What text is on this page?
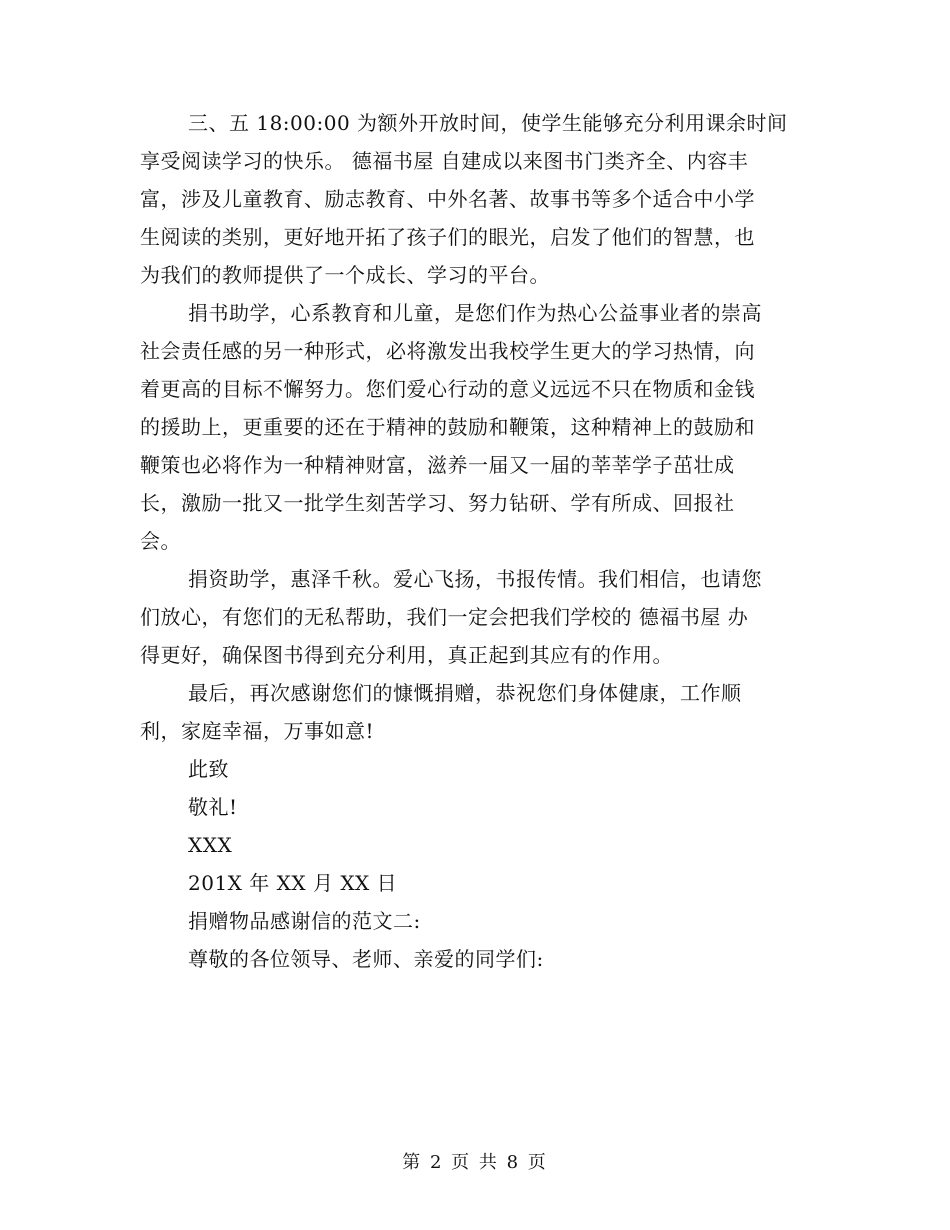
三、五 18:00:00 为额外开放时间，使学生能够充分利用课余时间
享受阅读学习的快乐。 德福书屋 自建成以来图书门类齐全、内容丰
富，涉及儿童教育、励志教育、中外名著、故事书等多个适合中小学
生阅读的类别，更好地开拓了孩子们的眼光，启发了他们的智慧，也
为我们的教师提供了一个成长、学习的平台。

捐书助学，心系教育和儿童，是您们作为热心公益事业者的崇高
社会责任感的另一种形式，必将激发出我校学生更大的学习热情，向
着更高的目标不懈努力。您们爱心行动的意义远远不只在物质和金钱
的援助上，更重要的还在于精神的鼓励和鞭策，这种精神上的鼓励和
鞭策也必将作为一种精神财富，滋养一届又一届的莘莘学子茁壮成
长，激励一批又一批学生刻苦学习、努力钻研、学有所成、回报社
会。

捐资助学，惠泽千秋。爱心飞扬，书报传情。我们相信，也请您
们放心，有您们的无私帮助，我们一定会把我们学校的 德福书屋 办
得更好，确保图书得到充分利用，真正起到其应有的作用。

最后，再次感谢您们的慷慨捐赠，恭祝您们身体健康，工作顺
利，家庭幸福，万事如意!

此致

敬礼!

XXX

201X 年 XX 月 XX 日

捐赠物品感谢信的范文二:

尊敬的各位领导、老师、亲爱的同学们:

第 2 页 共 8 页
